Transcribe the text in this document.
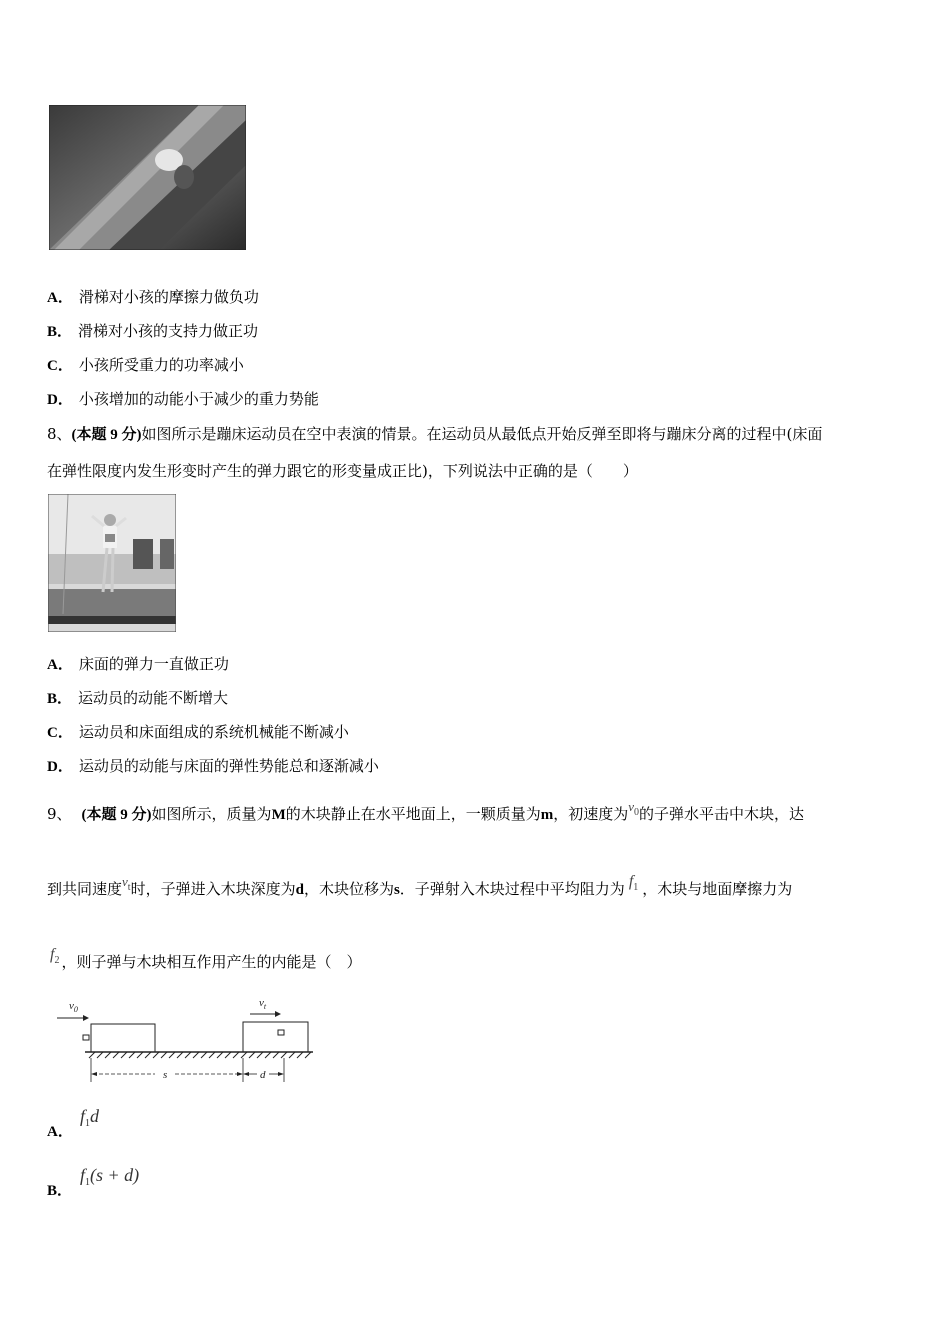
A． 滑梯对小孩的摩擦力做负功
B． 滑梯对小孩的支持力做正功
C． 小孩所受重力的功率减小
D． 小孩增加的动能小于减少的重力势能
8、(本题 9 分)如图所示是蹦床运动员在空中表演的情景。在运动员从最低点开始反弹至即将与蹦床分离的过程中(床面
在弹性限度内发生形变时产生的弹力跟它的形变量成正比)，下列说法中正确的是（　　）
A． 床面的弹力一直做正功
B． 运动员的动能不断增大
C． 运动员和床面组成的系统机械能不断减小
D． 运动员的动能与床面的弹性势能总和逐渐减小
9、 (本题 9 分)如图所示，质量为M的木块静止在水平地面上，一颗质量为m，初速度为$v_0$的子弹水平击中木块，达
到共同速度$v_t$时，子弹进入木块深度为d，木块位移为s．子弹射入木块过程中平均阻力为 $f_1$ ，木块与地面摩擦力为
$f_2$ ，则子弹与木块相互作用产生的内能是（　）
$v_0$
$v_t$
s	d
A．
$f_1d$
B．
$f_1(s + d)$
